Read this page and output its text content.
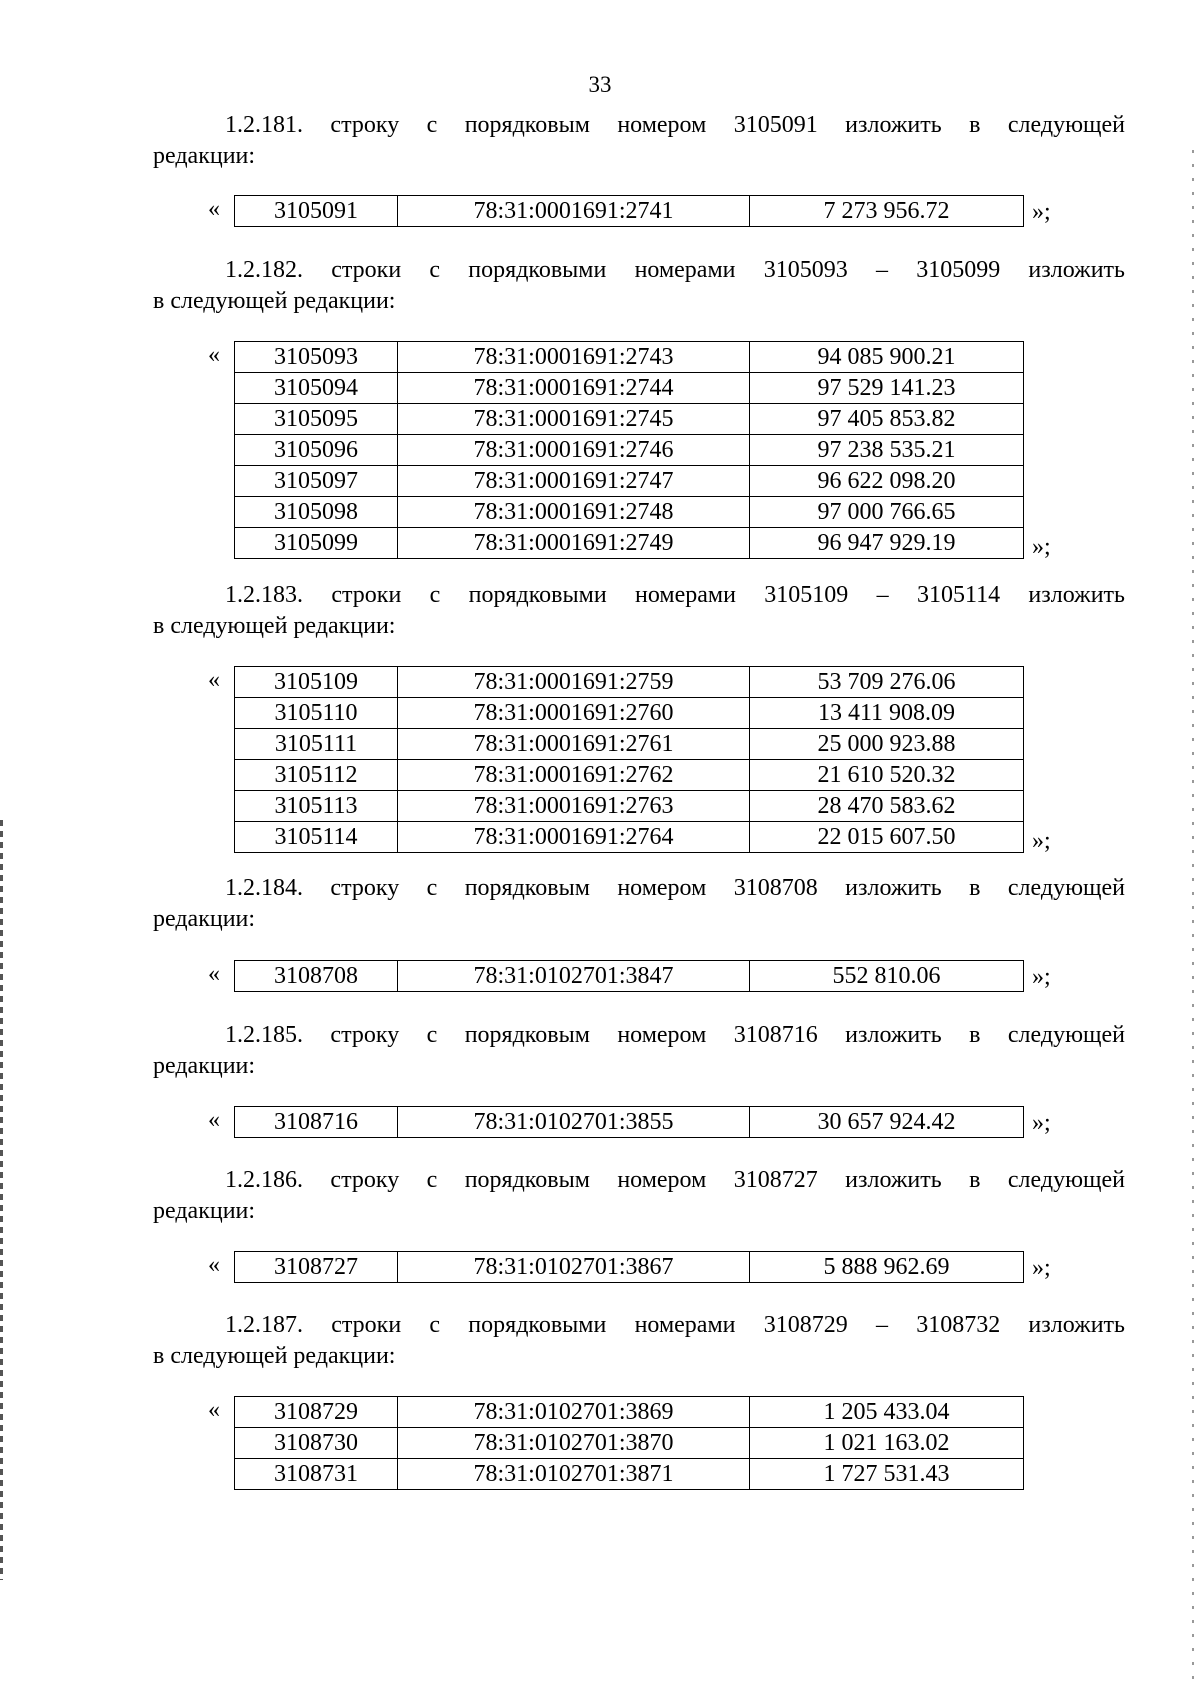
33
1.2.181. строку с порядковым номером 3105091 изложить в следующей
редакции:
« 3105091	78:31:0001691:2741	7 273 956.72	»;
1.2.182. строки с порядковыми номерами 3105093 – 3105099 изложить
в следующей редакции:
« 3105093	78:31:0001691:2743	94 085 900.21
3105094	78:31:0001691:2744	97 529 141.23
3105095	78:31:0001691:2745	97 405 853.82
3105096	78:31:0001691:2746	97 238 535.21
3105097	78:31:0001691:2747	96 622 098.20
3105098	78:31:0001691:2748	97 000 766.65
3105099	78:31:0001691:2749	96 947 929.19	»;
1.2.183. строки с порядковыми номерами 3105109 – 3105114 изложить
в следующей редакции:
« 3105109	78:31:0001691:2759	53 709 276.06
3105110	78:31:0001691:2760	13 411 908.09
3105111	78:31:0001691:2761	25 000 923.88
3105112	78:31:0001691:2762	21 610 520.32
3105113	78:31:0001691:2763	28 470 583.62
3105114	78:31:0001691:2764	22 015 607.50	»;
1.2.184. строку с порядковым номером 3108708 изложить в следующей
редакции:
« 3108708	78:31:0102701:3847	552 810.06	»;
1.2.185. строку с порядковым номером 3108716 изложить в следующей
редакции:
« 3108716	78:31:0102701:3855	30 657 924.42	»;
1.2.186. строку с порядковым номером 3108727 изложить в следующей
редакции:
« 3108727	78:31:0102701:3867	5 888 962.69	»;
1.2.187. строки с порядковыми номерами 3108729 – 3108732 изложить
в следующей редакции:
« 3108729	78:31:0102701:3869	1 205 433.04
3108730	78:31:0102701:3870	1 021 163.02
3108731	78:31:0102701:3871	1 727 531.43
